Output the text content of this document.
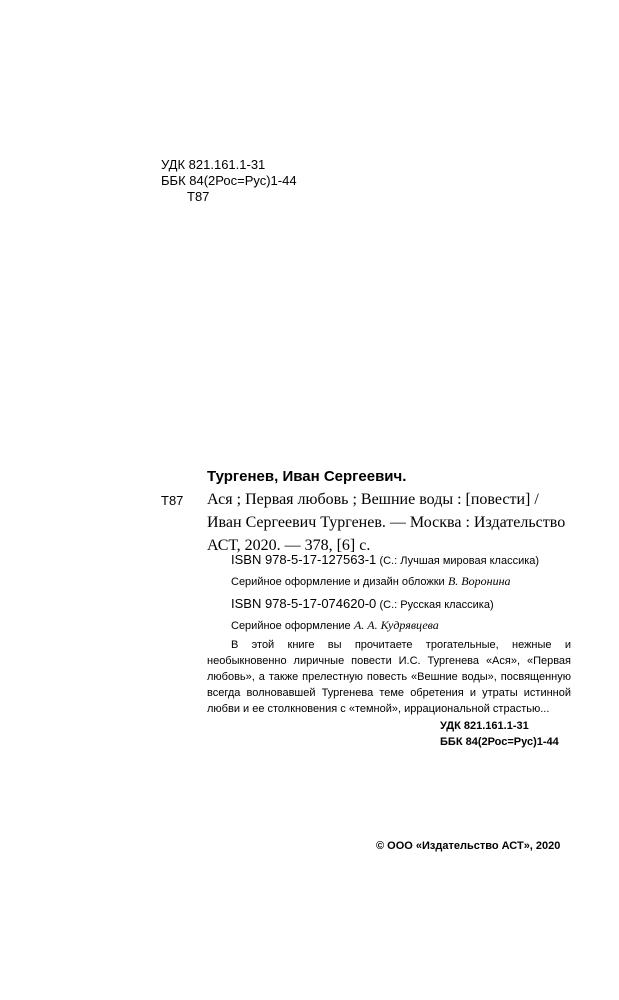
УДК 821.161.1-31
ББК 84(2Рос=Рус)1-44
Т87
Тургенев, Иван Сергеевич.
Т87 Ася ; Первая любовь ; Вешние воды : [повести] /
Иван Сергеевич Тургенев. — Москва : Издательство
АСТ, 2020. — 378, [6] с.
ISBN 978-5-17-127563-1 (С.: Лучшая мировая классика)
Серийное оформление и дизайн обложки В. Воронина
ISBN 978-5-17-074620-0 (С.: Русская классика)
Серийное оформление А. А. Кудрявцева
В этой книге вы прочитаете трогательные, нежные и необыкновенно лиричные повести И.С. Тургенева «Ася», «Первая любовь», а также прелестную повесть «Вешние воды», посвященную всегда волновавшей Тургенева теме обретения и утраты истинной любви и ее столкновения с «темной», иррациональной страстью...
УДК 821.161.1-31
ББК 84(2Рос=Рус)1-44
© ООО «Издательство АСТ», 2020
